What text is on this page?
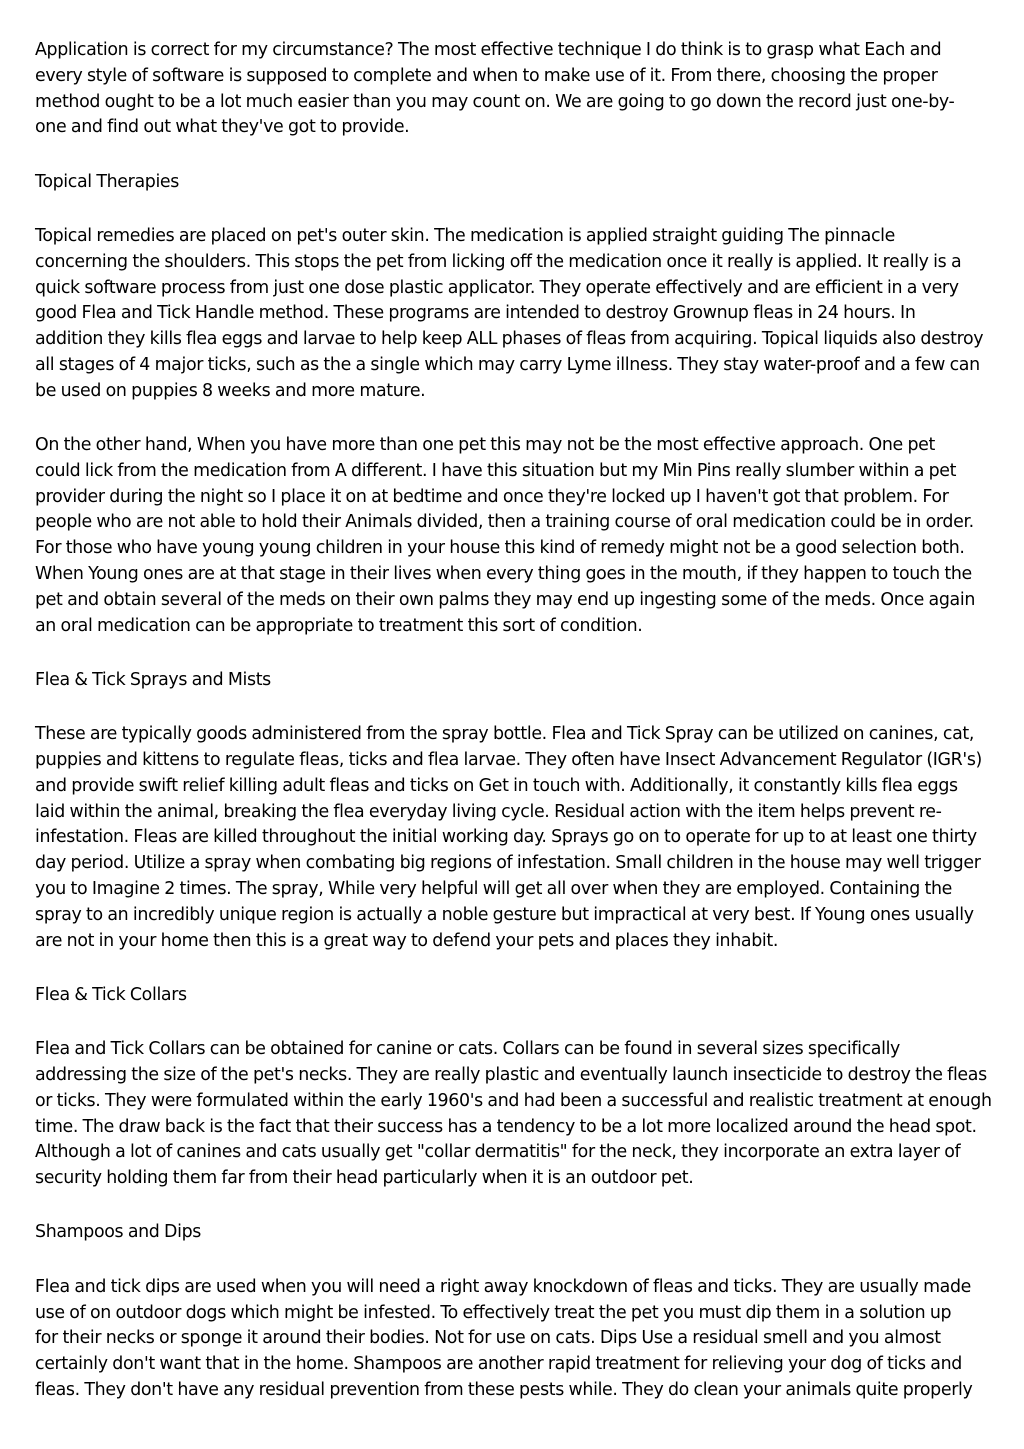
Application is correct for my circumstance? The most effective technique I do think is to grasp what Each and
every style of software is supposed to complete and when to make use of it. From there, choosing the proper
method ought to be a lot much easier than you may count on. We are going to go down the record just one-by-
one and find out what they've got to provide.

Topical Therapies

Topical remedies are placed on pet's outer skin. The medication is applied straight guiding The pinnacle
concerning the shoulders. This stops the pet from licking off the medication once it really is applied. It really is a
quick software process from just one dose plastic applicator. They operate effectively and are efficient in a very
good Flea and Tick Handle method. These programs are intended to destroy Grownup fleas in 24 hours. In
addition they kills flea eggs and larvae to help keep ALL phases of fleas from acquiring. Topical liquids also destroy
all stages of 4 major ticks, such as the a single which may carry Lyme illness. They stay water-proof and a few can
be used on puppies 8 weeks and more mature.

On the other hand, When you have more than one pet this may not be the most effective approach. One pet
could lick from the medication from A different. I have this situation but my Min Pins really slumber within a pet
provider during the night so I place it on at bedtime and once they're locked up I haven't got that problem. For
people who are not able to hold their Animals divided, then a training course of oral medication could be in order.
For those who have young young children in your house this kind of remedy might not be a good selection both.
When Young ones are at that stage in their lives when every thing goes in the mouth, if they happen to touch the
pet and obtain several of the meds on their own palms they may end up ingesting some of the meds. Once again
an oral medication can be appropriate to treatment this sort of condition.

Flea & Tick Sprays and Mists

These are typically goods administered from the spray bottle. Flea and Tick Spray can be utilized on canines, cat,
puppies and kittens to regulate fleas, ticks and flea larvae. They often have Insect Advancement Regulator (IGR's)
and provide swift relief killing adult fleas and ticks on Get in touch with. Additionally, it constantly kills flea eggs
laid within the animal, breaking the flea everyday living cycle. Residual action with the item helps prevent re-
infestation. Fleas are killed throughout the initial working day. Sprays go on to operate for up to at least one thirty
day period. Utilize a spray when combating big regions of infestation. Small children in the house may well trigger
you to Imagine 2 times. The spray, While very helpful will get all over when they are employed. Containing the
spray to an incredibly unique region is actually a noble gesture but impractical at very best. If Young ones usually
are not in your home then this is a great way to defend your pets and places they inhabit.

Flea & Tick Collars

Flea and Tick Collars can be obtained for canine or cats. Collars can be found in several sizes specifically
addressing the size of the pet's necks. They are really plastic and eventually launch insecticide to destroy the fleas
or ticks. They were formulated within the early 1960's and had been a successful and realistic treatment at enough
time. The draw back is the fact that their success has a tendency to be a lot more localized around the head spot.
Although a lot of canines and cats usually get "collar dermatitis" for the neck, they incorporate an extra layer of
security holding them far from their head particularly when it is an outdoor pet.

Shampoos and Dips

Flea and tick dips are used when you will need a right away knockdown of fleas and ticks. They are usually made
use of on outdoor dogs which might be infested. To effectively treat the pet you must dip them in a solution up
for their necks or sponge it around their bodies. Not for use on cats. Dips Use a residual smell and you almost
certainly don't want that in the home. Shampoos are another rapid treatment for relieving your dog of ticks and
fleas. They don't have any residual prevention from these pests while. They do clean your animals quite properly
